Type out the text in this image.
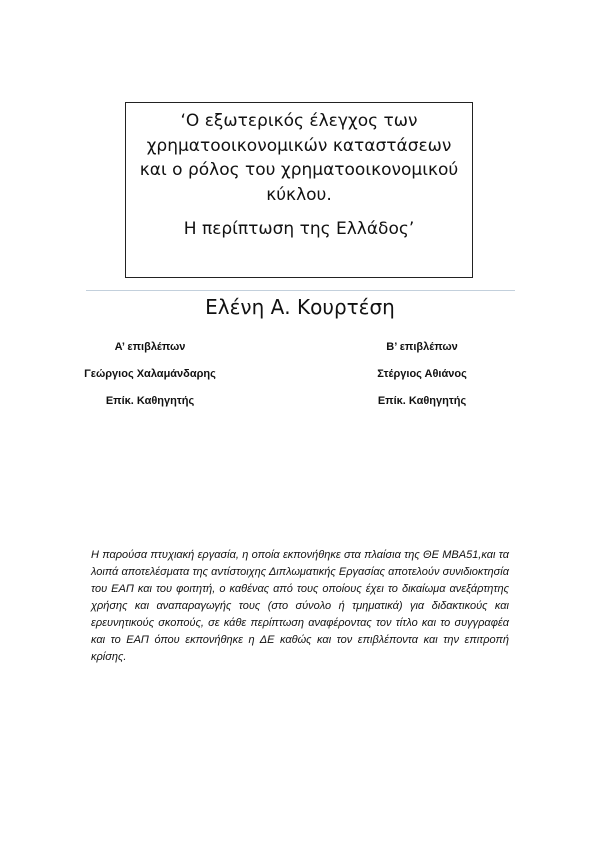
‘Ο εξωτερικός έλεγχος των
χρηματοοικονομικών καταστάσεων
και ο ρόλος του χρηματοοικονομικού
κύκλου.
Η περίπτωση της Ελλάδος’
Ελένη Α. Κουρτέση
Α’ επιβλέπων
Γεώργιος Χαλαμάνδαρης
Επίκ. Καθηγητής
Β’ επιβλέπων
Στέργιος Αθιάνος
Επίκ. Καθηγητής
Η παρούσα πτυχιακή εργασία, η οποία εκπονήθηκε στα πλαίσια της ΘΕ MBA51,και τα λοιπά αποτελέσματα της αντίστοιχης Διπλωματικής Εργασίας αποτελούν συνιδιοκτησία του ΕΑΠ και του φοιτητή, ο καθένας από τους οποίους έχει το δικαίωμα ανεξάρτητης χρήσης και αναπαραγωγής τους (στο σύνολο ή τμηματικά) για διδακτικούς και ερευνητικούς σκοπούς, σε κάθε περίπτωση αναφέροντας τον τίτλο και το συγγραφέα και το ΕΑΠ όπου εκπονήθηκε η ΔΕ καθώς και τον επιβλέποντα και την επιτροπή κρίσης.
